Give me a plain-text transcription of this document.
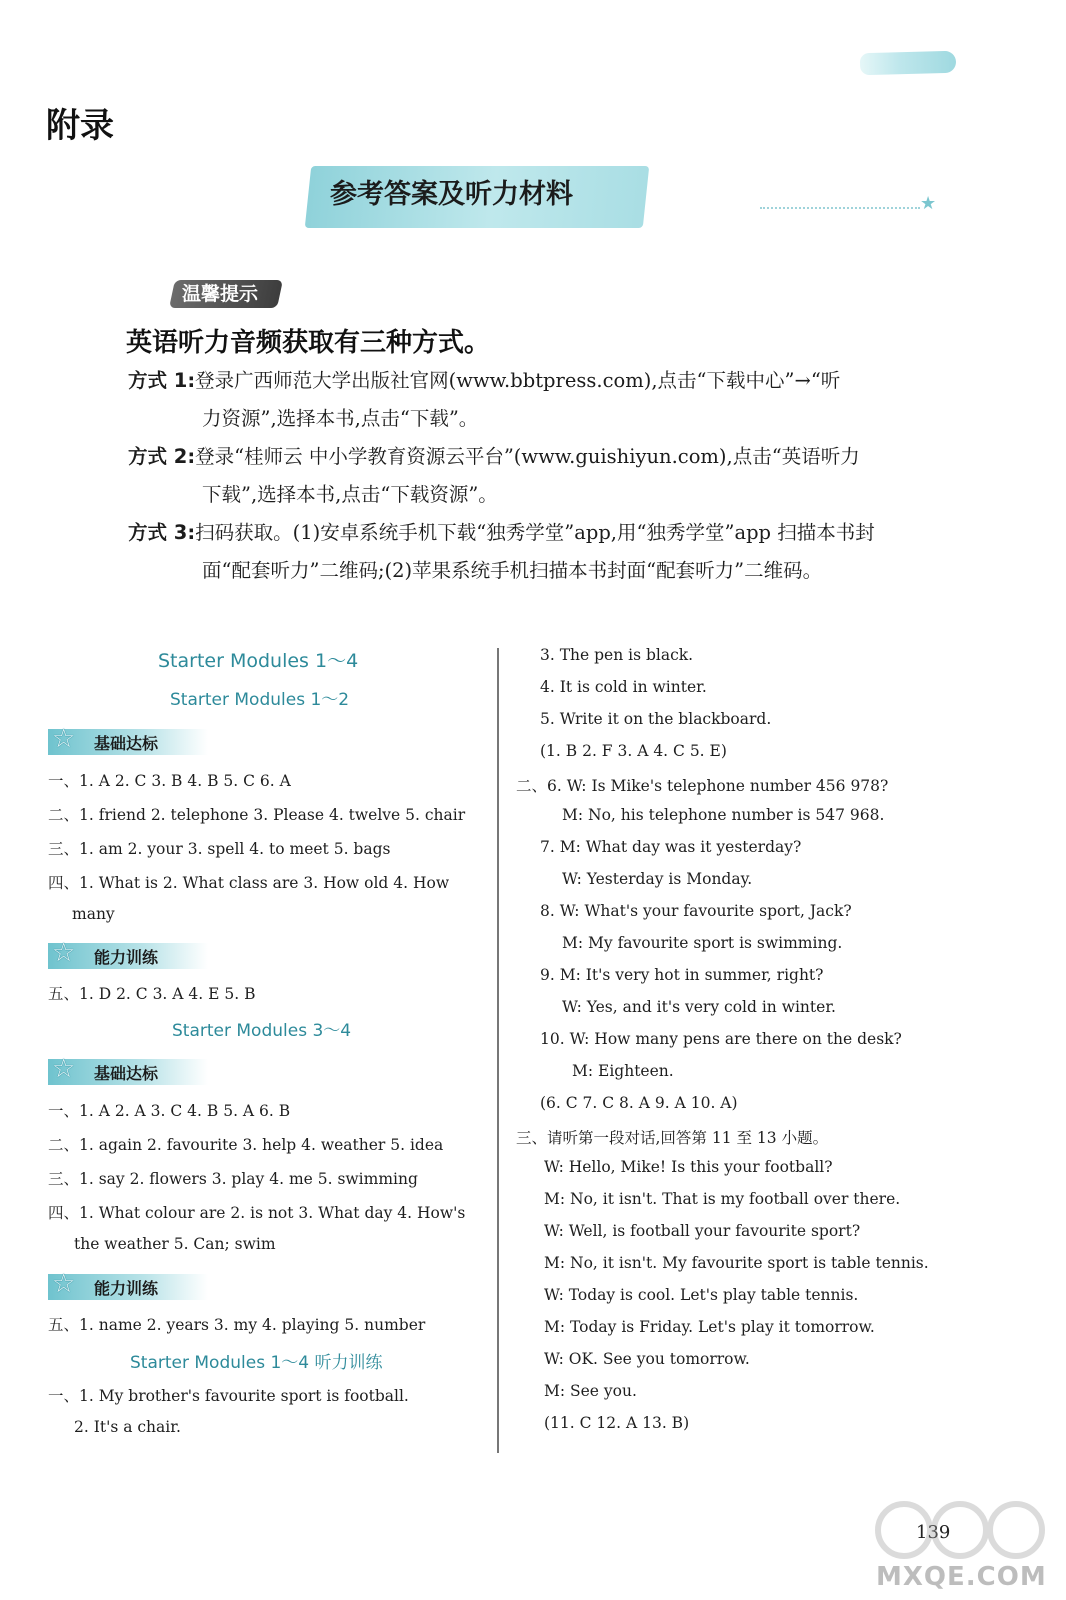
附录
参考答案及听力材料	★
温馨提示
英语听力音频获取有三种方式。
方式 1:登录广西师范大学出版社官网(www.bbtpress.com),点击“下载中心”→“听
力资源”,选择本书,点击“下载”。
方式 2:登录“桂师云 中小学教育资源云平台”(www.guishiyun.com),点击“英语听力
下载”,选择本书,点击“下载资源”。
方式 3:扫码获取。(1)安卓系统手机下载“独秀学堂”app,用“独秀学堂”app 扫描本书封
面“配套听力”二维码;(2)苹果系统手机扫描本书封面“配套听力”二维码。
Starter Modules 1～4
Starter Modules 1～2
☆ 基础达标
一、1. A 2. C 3. B 4. B 5. C 6. A
二、1. friend 2. telephone 3. Please 4. twelve 5. chair
三、1. am 2. your 3. spell 4. to meet 5. bags
四、1. What is 2. What class are 3. How old 4. How
many
☆ 能力训练
五、1. D 2. C 3. A 4. E 5. B
Starter Modules 3～4
☆ 基础达标
一、1. A 2. A 3. C 4. B 5. A 6. B
二、1. again 2. favourite 3. help 4. weather 5. idea
三、1. say 2. flowers 3. play 4. me 5. swimming
四、1. What colour are 2. is not 3. What day 4. How's
the weather 5. Can; swim
☆ 能力训练
五、1. name 2. years 3. my 4. playing 5. number
Starter Modules 1～4 听力训练
一、1. My brother's favourite sport is football.
2. It's a chair.
3. The pen is black.
4. It is cold in winter.
5. Write it on the blackboard.
(1. B 2. F 3. A 4. C 5. E)
二、6. W: Is Mike's telephone number 456 978?
M: No, his telephone number is 547 968.
7. M: What day was it yesterday?
W: Yesterday is Monday.
8. W: What's your favourite sport, Jack?
M: My favourite sport is swimming.
9. M: It's very hot in summer, right?
W: Yes, and it's very cold in winter.
10. W: How many pens are there on the desk?
M: Eighteen.
(6. C 7. C 8. A 9. A 10. A)
三、请听第一段对话,回答第 11 至 13 小题。
W: Hello, Mike! Is this your football?
M: No, it isn't. That is my football over there.
W: Well, is football your favourite sport?
M: No, it isn't. My favourite sport is table tennis.
W: Today is cool. Let's play table tennis.
M: Today is Friday. Let's play it tomorrow.
W: OK. See you tomorrow.
M: See you.
(11. C 12. A 13. B)
139
MXQE.COM
